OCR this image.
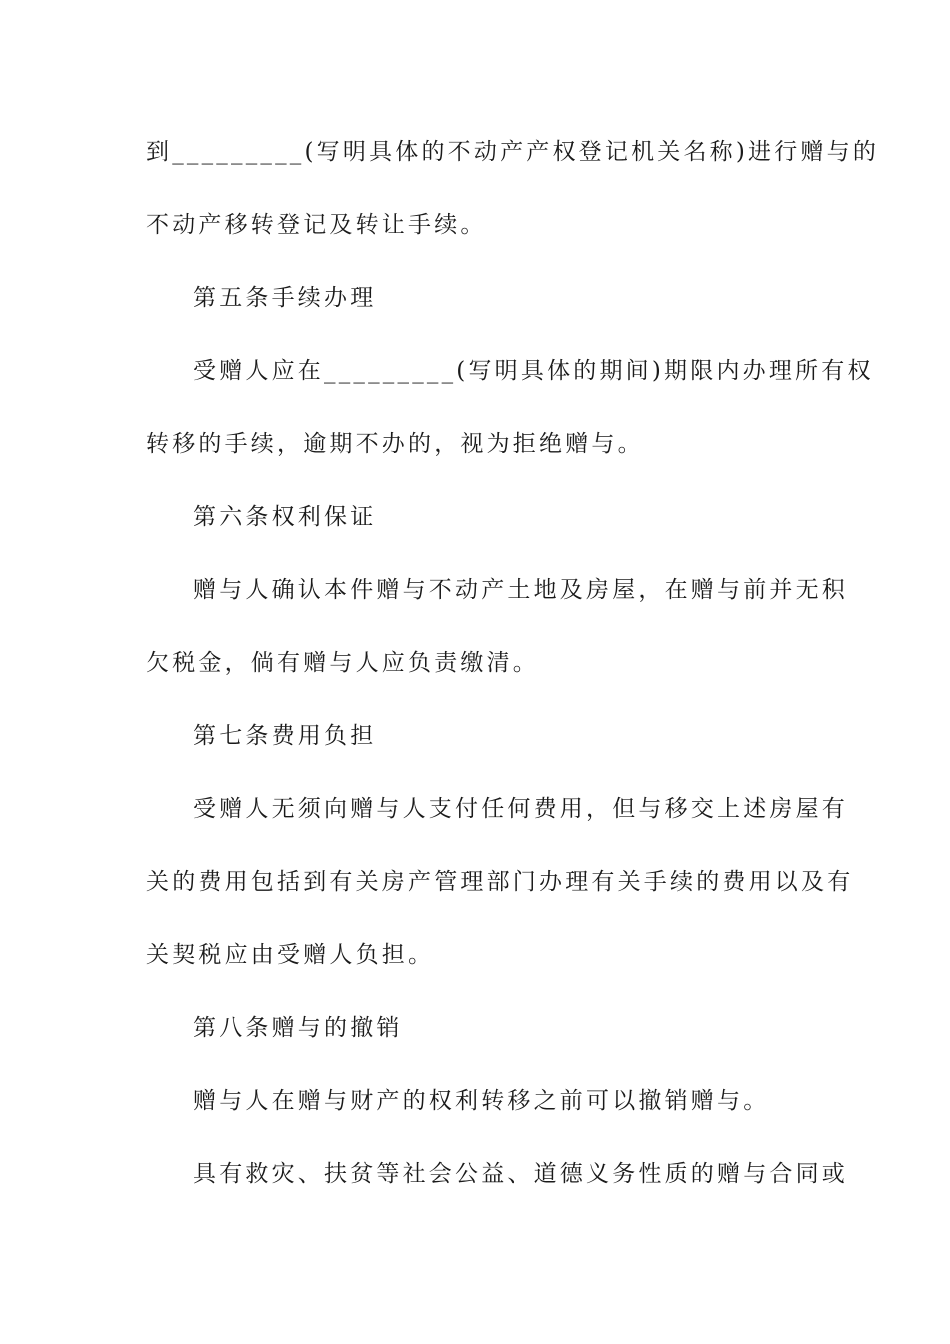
到_________(写明具体的不动产产权登记机关名称)进行赠与的
不动产移转登记及转让手续。
第五条手续办理
受赠人应在_________(写明具体的期间)期限内办理所有权
转移的手续，逾期不办的，视为拒绝赠与。
第六条权利保证
赠与人确认本件赠与不动产土地及房屋，在赠与前并无积
欠税金，倘有赠与人应负责缴清。
第七条费用负担
受赠人无须向赠与人支付任何费用，但与移交上述房屋有
关的费用包括到有关房产管理部门办理有关手续的费用以及有
关契税应由受赠人负担。
第八条赠与的撤销
赠与人在赠与财产的权利转移之前可以撤销赠与。
具有救灾、扶贫等社会公益、道德义务性质的赠与合同或
